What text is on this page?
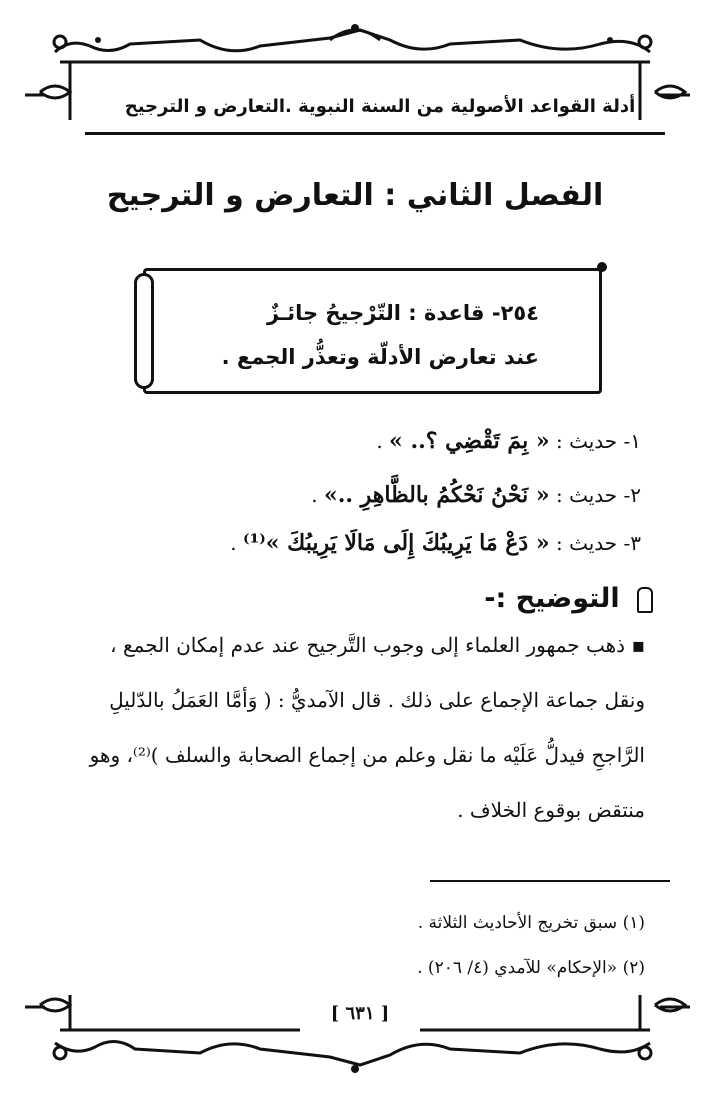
أدلة القواعد الأصولية من السنة النبوية .التعارض و الترجيح
الفصل الثاني : التعارض و الترجيح
٢٥٤- قاعدة : التّرْجيحُ جائـزٌ
عند تعارض الأدلّة وتعذُّر الجمع .
١- حديث : « بِمَ تَقْضِي ؟.. » .
٢- حديث : « نَحْنُ نَحْكُمُ بالظَّاهِرِ ..» .
٣- حديث : « دَعْ مَا يَرِيبُكَ إِلَى مَالَا يَرِيبُكَ »⁽¹⁾ .
التوضيح :-
▪ ذهب جمهور العلماء إلى وجوب التَّرجيح عند عدم إمكان الجمع ،
ونقل جماعة الإجماع على ذلك . قال الآمديُّ : ( وَأمَّا العَمَلُ بالدّليلِ
الرَّاجحِ فيدلُّ عَلَيْه ما نقل وعلم من إجماع الصحابة والسلف )⁽²⁾، وهو
منتقض بوقوع الخلاف .
(١) سبق تخريج الأحاديث الثلاثة .
(٢) «الإحكام» للآمدي (٤/ ٢٠٦) .
[ ٦٣١ ]
